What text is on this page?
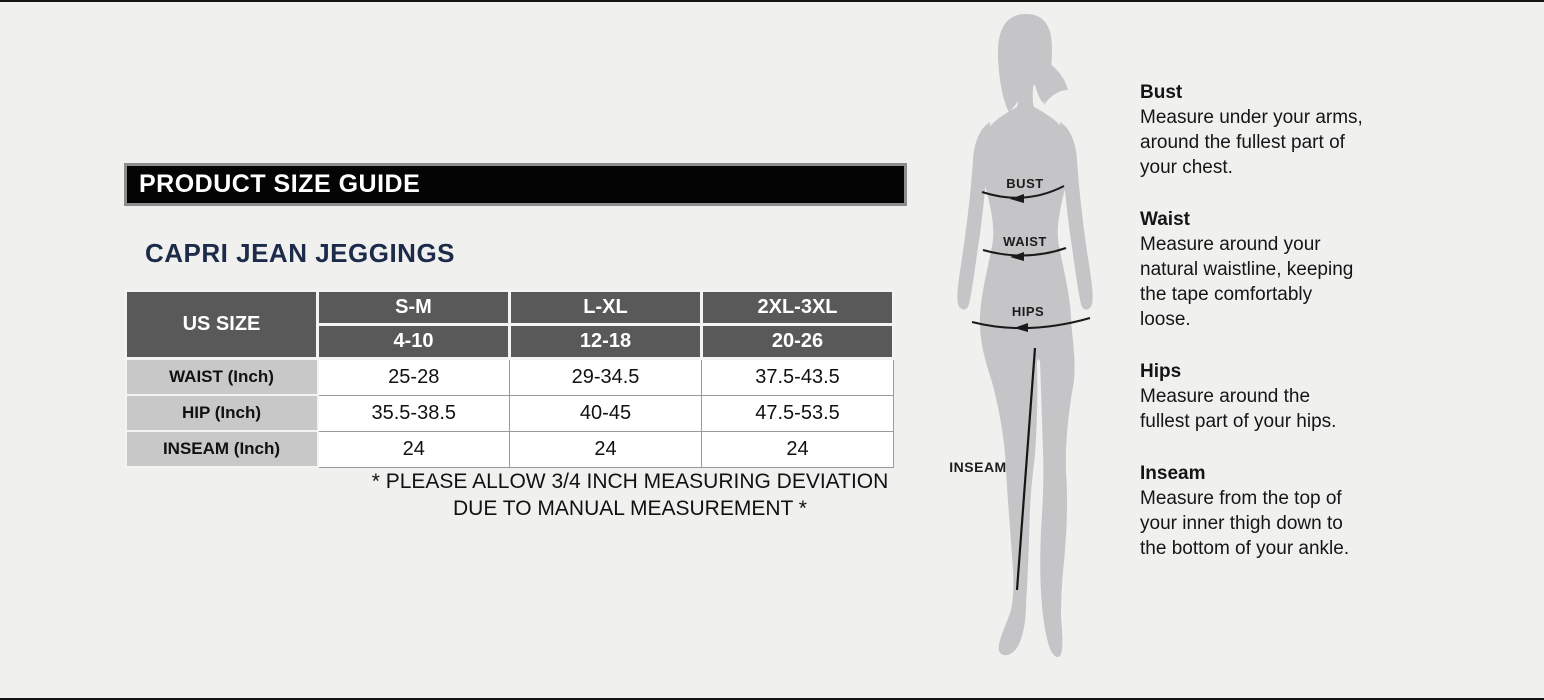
PRODUCT SIZE GUIDE
CAPRI JEAN JEGGINGS
US SIZE	S-M	L-XL	2XL-3XL
	4-10	12-18	20-26
WAIST (Inch)	25-28	29-34.5	37.5-43.5
HIP (Inch)	35.5-38.5	40-45	47.5-53.5
INSEAM (Inch)	24	24	24
* PLEASE ALLOW 3/4 INCH MEASURING DEVIATION
DUE TO MANUAL MEASUREMENT *
BUST
WAIST
HIPS
INSEAM
Bust
Measure under your arms,
around the fullest part of
your chest.
Waist
Measure around your
natural waistline, keeping
the tape comfortably
loose.
Hips
Measure around the
fullest part of your hips.
Inseam
Measure from the top of
your inner thigh down to
the bottom of your ankle.
